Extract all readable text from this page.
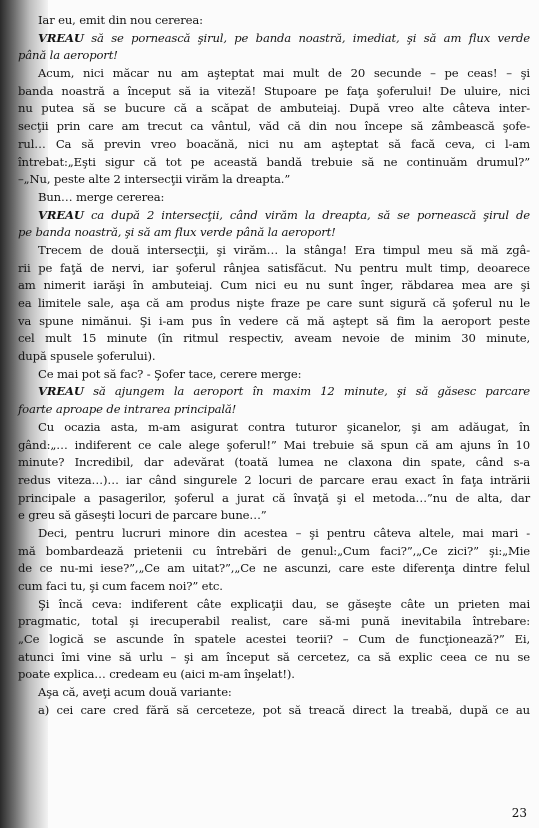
Iar eu, emit din nou cererea:
VREAU să se pornească şirul, pe banda noastră, imediat, şi să am flux verde
până la aeroport!
Acum, nici măcar nu am aşteptat mai mult de 20 secunde – pe ceas! – şi
banda noastră a început să ia viteză! Stupoare pe faţa şoferului! De uluire, nici
nu putea să se bucure că a scăpat de ambuteiaj. După vreo alte câteva inter-
secţii prin care am trecut ca vântul, văd că din nou începe să zâmbească şofe-
rul… Ca să previn vreo boacănă, nici nu am aşteptat să facă ceva, ci l-am
întrebat:„Eşti sigur că tot pe această bandă trebuie să ne continuăm drumul?”
–„Nu, peste alte 2 intersecţii virăm la dreapta.”
Bun… merge cererea:
VREAU ca după 2 intersecţii, când virăm la dreapta, să se pornească şirul de
pe banda noastră, şi să am flux verde până la aeroport!
Trecem de două intersecţii, şi virăm… la stânga! Era timpul meu să mă zgâ-
rii pe faţă de nervi, iar şoferul rânjea satisfăcut. Nu pentru mult timp, deoarece
am nimerit iarăşi în ambuteiaj. Cum nici eu nu sunt înger, răbdarea mea are şi
ea limitele sale, aşa că am produs nişte fraze pe care sunt sigură că şoferul nu le
va spune nimănui. Şi i-am pus în vedere că mă aştept să fim la aeroport peste
cel mult 15 minute (în ritmul respectiv, aveam nevoie de minim 30 minute,
după spusele şoferului).
Ce mai pot să fac? - Şofer tace, cerere merge:
VREAU să ajungem la aeroport în maxim 12 minute, şi să găsesc parcare
foarte aproape de intrarea principală!
Cu ocazia asta, m-am asigurat contra tuturor şicanelor, şi am adăugat, în
gând:„… indiferent ce cale alege şoferul!” Mai trebuie să spun că am ajuns în 10
minute? Incredibil, dar adevărat (toată lumea ne claxona din spate, când s-a
redus viteza…)… iar când singurele 2 locuri de parcare erau exact în faţa intrării
principale a pasagerilor, şoferul a jurat că învaţă şi el metoda…”nu de alta, dar
e greu să găseşti locuri de parcare bune…”
Deci, pentru lucruri minore din acestea – şi pentru câteva altele, mai mari -
mă bombardează prietenii cu întrebări de genul:„Cum faci?”,„Ce zici?” şi:„Mie
de ce nu-mi iese?”,„Ce am uitat?”,„Ce ne ascunzi, care este diferenţa dintre felul
cum faci tu, şi cum facem noi?” etc.
Şi încă ceva: indiferent câte explicaţii dau, se găseşte câte un prieten mai
pragmatic, total şi irecuperabil realist, care să-mi pună inevitabila întrebare:
„Ce logică se ascunde în spatele acestei teorii? – Cum de funcţionează?” Ei,
atunci îmi vine să urlu – şi am început să cercetez, ca să explic ceea ce nu se
poate explica… credeam eu (aici m-am înşelat!).
Aşa că, aveţi acum două variante:
a) cei care cred fără să cerceteze, pot să treacă direct la treabă, după ce au
23
